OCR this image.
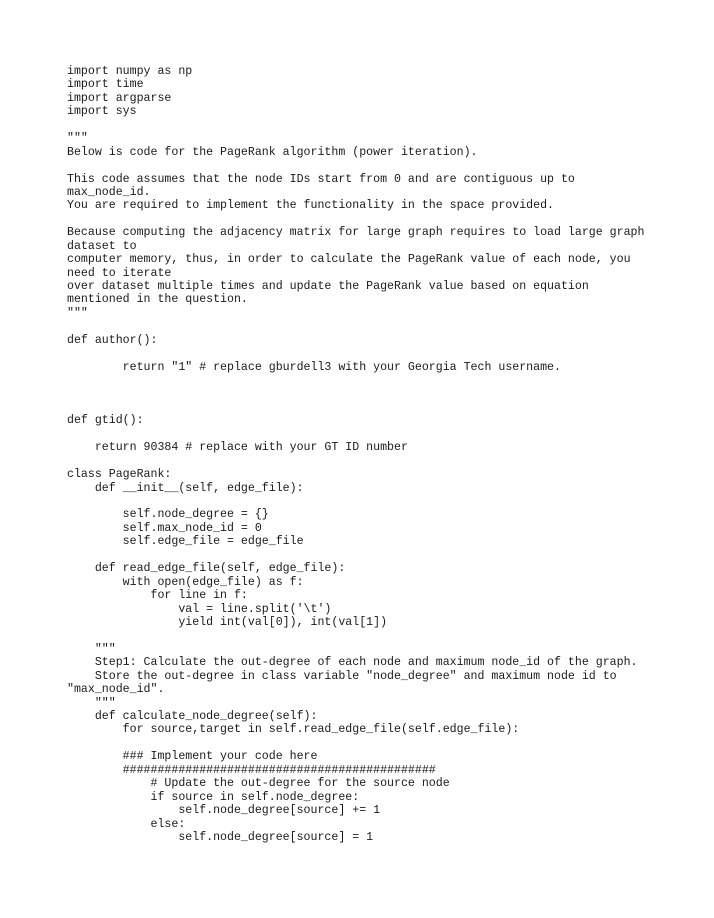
import numpy as np
import time
import argparse
import sys
"""
Below is code for the PageRank algorithm (power iteration).
This code assumes that the node IDs start from 0 and are contiguous up to
max_node_id.
You are required to implement the functionality in the space provided.
Because computing the adjacency matrix for large graph requires to load large graph
dataset to
computer memory, thus, in order to calculate the PageRank value of each node, you
need to iterate
over dataset multiple times and update the PageRank value based on equation
mentioned in the question.
"""
def author():
return "1" # replace gburdell3 with your Georgia Tech username.
def gtid():
return 90384 # replace with your GT ID number
class PageRank:
def __init__(self, edge_file):
self.node_degree = {}
self.max_node_id = 0
self.edge_file = edge_file
def read_edge_file(self, edge_file):
with open(edge_file) as f:
for line in f:
val = line.split('\t')
yield int(val[0]), int(val[1])
"""
Step1: Calculate the out-degree of each node and maximum node_id of the graph.
Store the out-degree in class variable "node_degree" and maximum node id to
"max_node_id".
"""
def calculate_node_degree(self):
for source,target in self.read_edge_file(self.edge_file):
### Implement your code here
#############################################
# Update the out-degree for the source node
if source in self.node_degree:
self.node_degree[source] += 1
else:
self.node_degree[source] = 1
